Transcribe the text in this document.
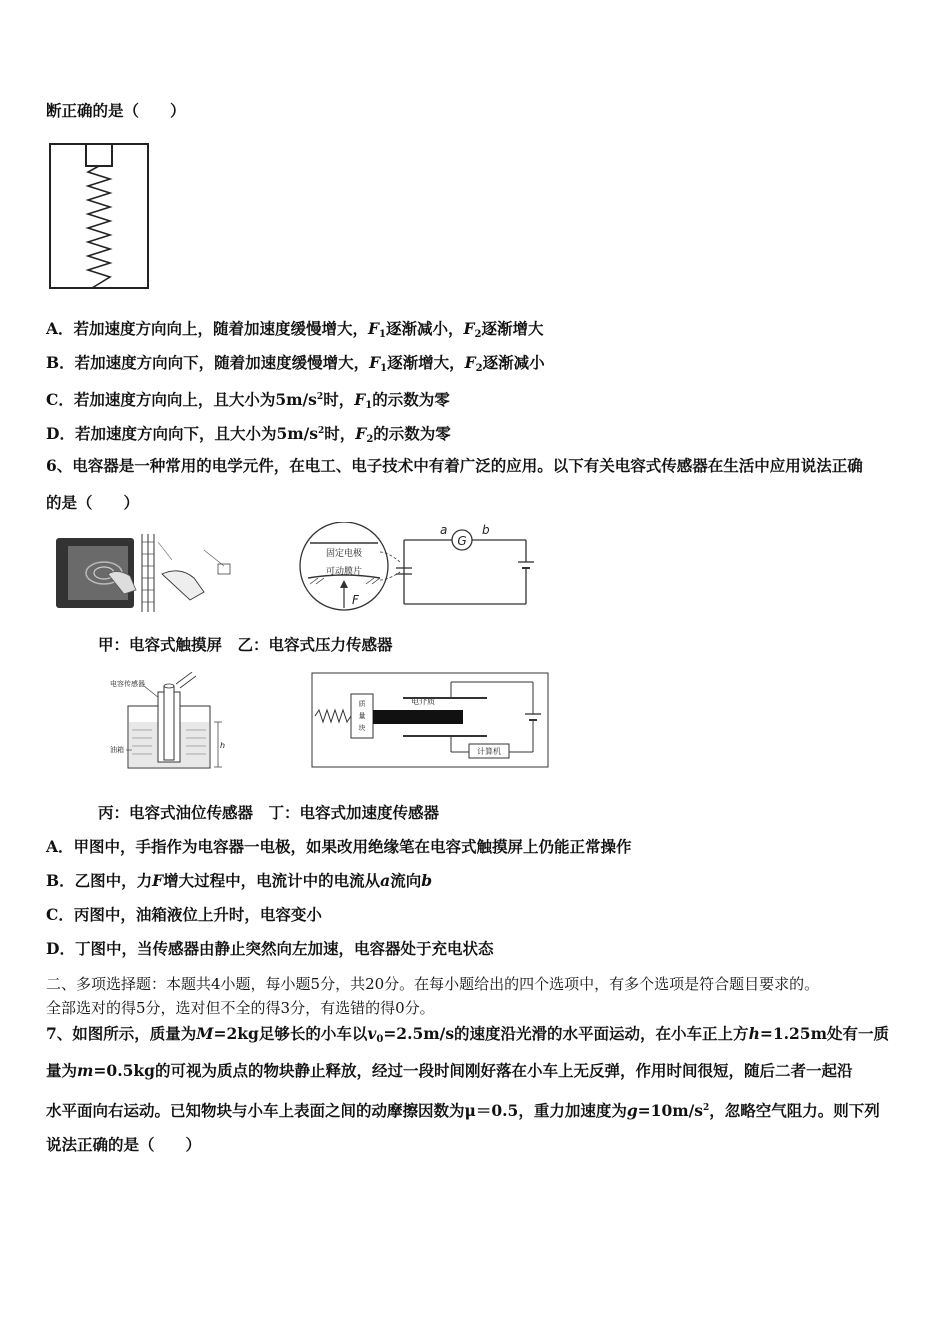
断正确的是（　　）
A．若加速度方向向上，随着加速度缓慢增大，$F_1$逐渐减小，$F_2$逐渐增大
B．若加速度方向向下，随着加速度缓慢增大，$F_1$逐渐增大，$F_2$逐渐减小
C．若加速度方向向上，且大小为$5m/s^2$时，$F_1$的示数为零
D．若加速度方向向下，且大小为$5m/s^2$时，$F_2$的示数为零
6、电容器是一种常用的电学元件，在电工、电子技术中有着广泛的应用。以下有关电容式传感器在生活中应用说法正确
的是（　　）
固定电极
可动膜片
F
G
a	b
甲：电容式触摸屏　乙：电容式压力传感器
电容传感器
油箱	h
质
量
块
电介质
计算机
丙：电容式油位传感器　丁：电容式加速度传感器
A．甲图中，手指作为电容器一电极，如果改用绝缘笔在电容式触摸屏上仍能正常操作
B．乙图中，力F增大过程中，电流计中的电流从a流向b
C．丙图中，油箱液位上升时，电容变小
D．丁图中，当传感器由静止突然向左加速，电容器处于充电状态
二、多项选择题：本题共4小题，每小题5分，共20分。在每小题给出的四个选项中，有多个选项是符合题目要求的。
全部选对的得5分，选对但不全的得3分，有选错的得0分。
7、如图所示，质量为M=2kg足够长的小车以$v_0=2.5m/s$的速度沿光滑的水平面运动，在小车正上方h=1.25m处有一质
量为m=0.5kg的可视为质点的物块静止释放，经过一段时间刚好落在小车上无反弹，作用时间很短，随后二者一起沿
水平面向右运动。已知物块与小车上表面之间的动摩擦因数为μ＝0.5，重力加速度为$g=10m/s^2$，忽略空气阻力。则下列
说法正确的是（　　）
